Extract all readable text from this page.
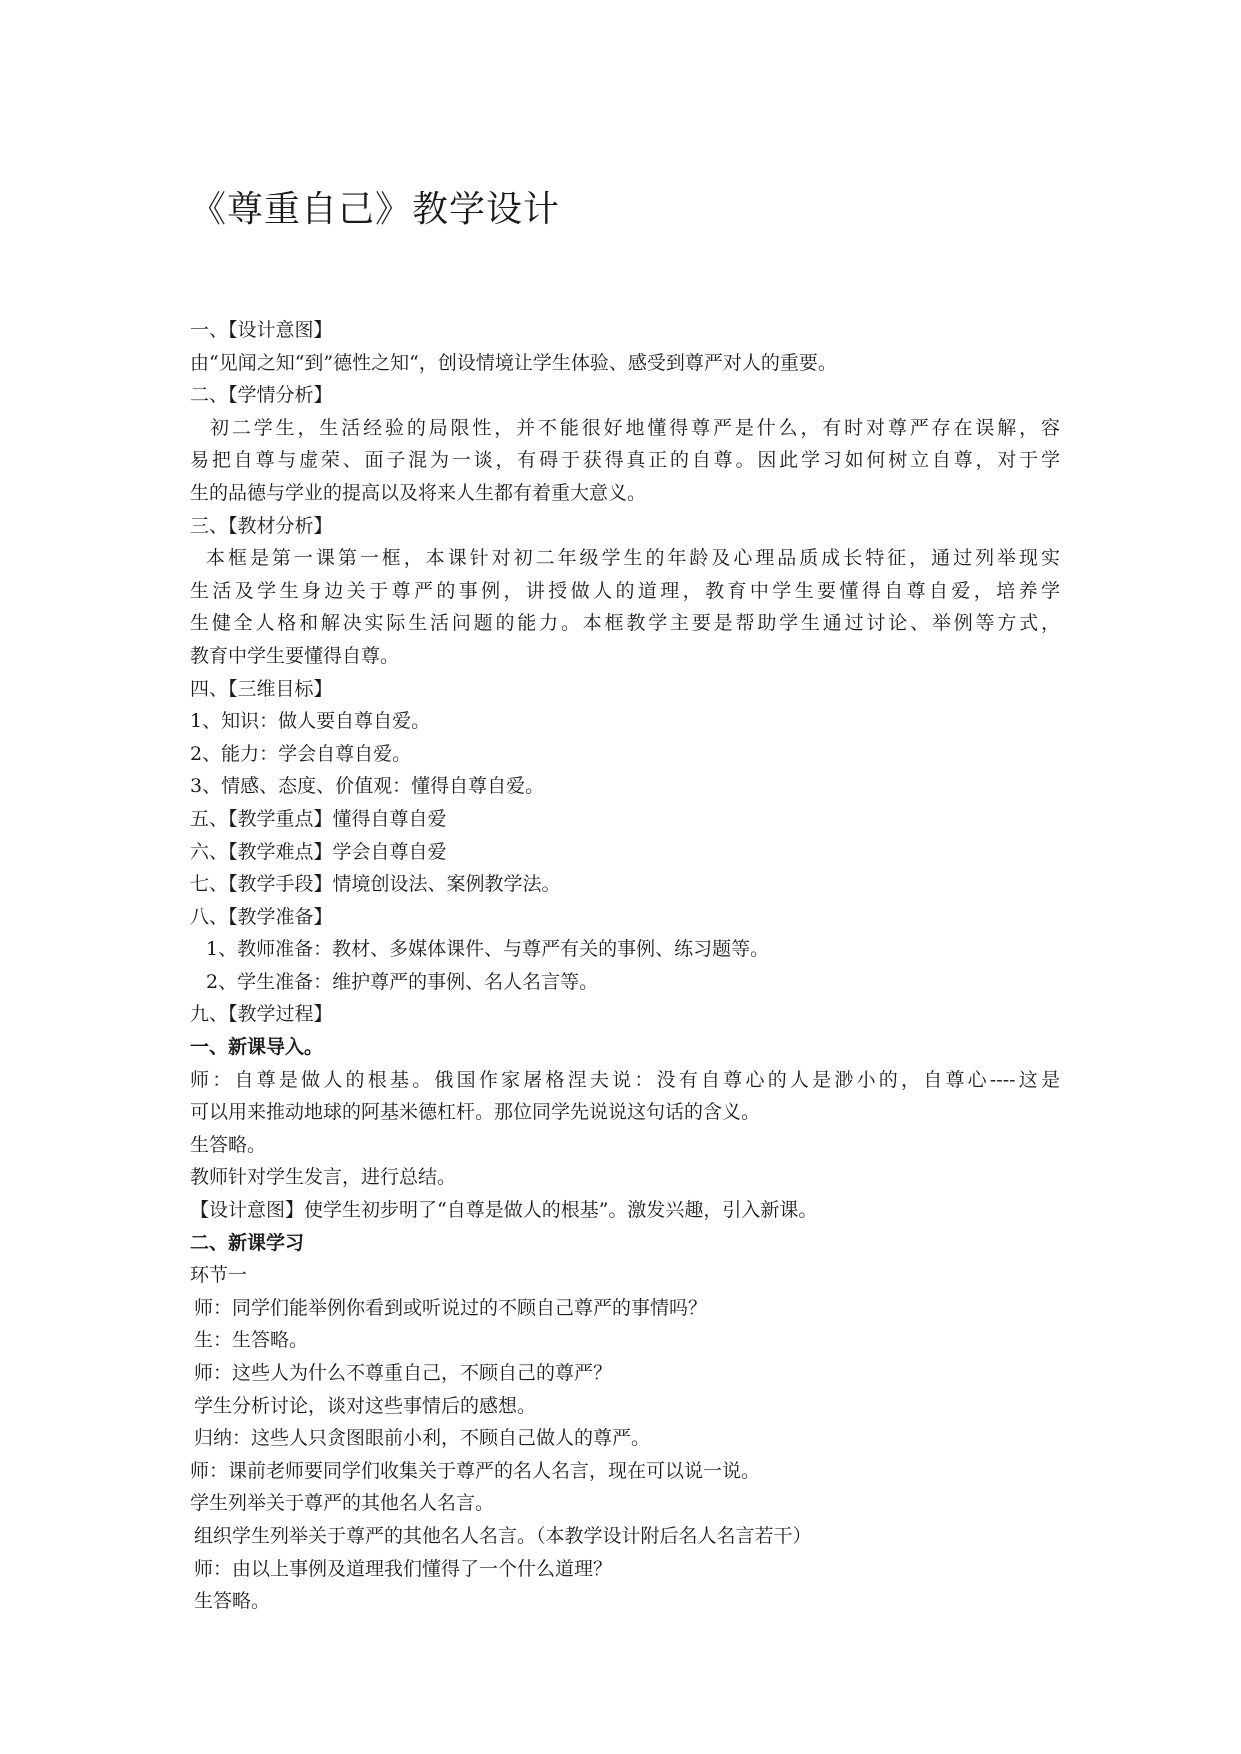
《尊重自己》教学设计
一、【设计意图】
由“见闻之知“到”德性之知“，创设情境让学生体验、感受到尊严对人的重要。
二、【学情分析】
初二学生，生活经验的局限性，并不能很好地懂得尊严是什么，有时对尊严存在误解，容
易把自尊与虚荣、面子混为一谈，有碍于获得真正的自尊。因此学习如何树立自尊，对于学
生的品德与学业的提高以及将来人生都有着重大意义。
三、【教材分析】
本框是第一课第一框，本课针对初二年级学生的年龄及心理品质成长特征，通过列举现实
生活及学生身边关于尊严的事例，讲授做人的道理，教育中学生要懂得自尊自爱，培养学
生健全人格和解决实际生活问题的能力。本框教学主要是帮助学生通过讨论、举例等方式，
教育中学生要懂得自尊。
四、【三维目标】
1、知识：做人要自尊自爱。
2、能力：学会自尊自爱。
3、情感、态度、价值观：懂得自尊自爱。
五、【教学重点】懂得自尊自爱
六、【教学难点】学会自尊自爱
七、【教学手段】情境创设法、案例教学法。
八、【教学准备】
1、教师准备：教材、多媒体课件、与尊严有关的事例、练习题等。
2、学生准备：维护尊严的事例、名人名言等。
九、【教学过程】
一、新课导入。
师：自尊是做人的根基。俄国作家屠格涅夫说：没有自尊心的人是渺小的，自尊心----这是
可以用来推动地球的阿基米德杠杆。那位同学先说说这句话的含义。
生答略。
教师针对学生发言，进行总结。
【设计意图】使学生初步明了“自尊是做人的根基”。激发兴趣，引入新课。
二、新课学习
环节一
师：同学们能举例你看到或听说过的不顾自己尊严的事情吗？
生：生答略。
师：这些人为什么不尊重自己，不顾自己的尊严？
学生分析讨论，谈对这些事情后的感想。
归纳：这些人只贪图眼前小利，不顾自己做人的尊严。
师：课前老师要同学们收集关于尊严的名人名言，现在可以说一说。
学生列举关于尊严的其他名人名言。
组织学生列举关于尊严的其他名人名言。（本教学设计附后名人名言若干）
师：由以上事例及道理我们懂得了一个什么道理？
生答略。
